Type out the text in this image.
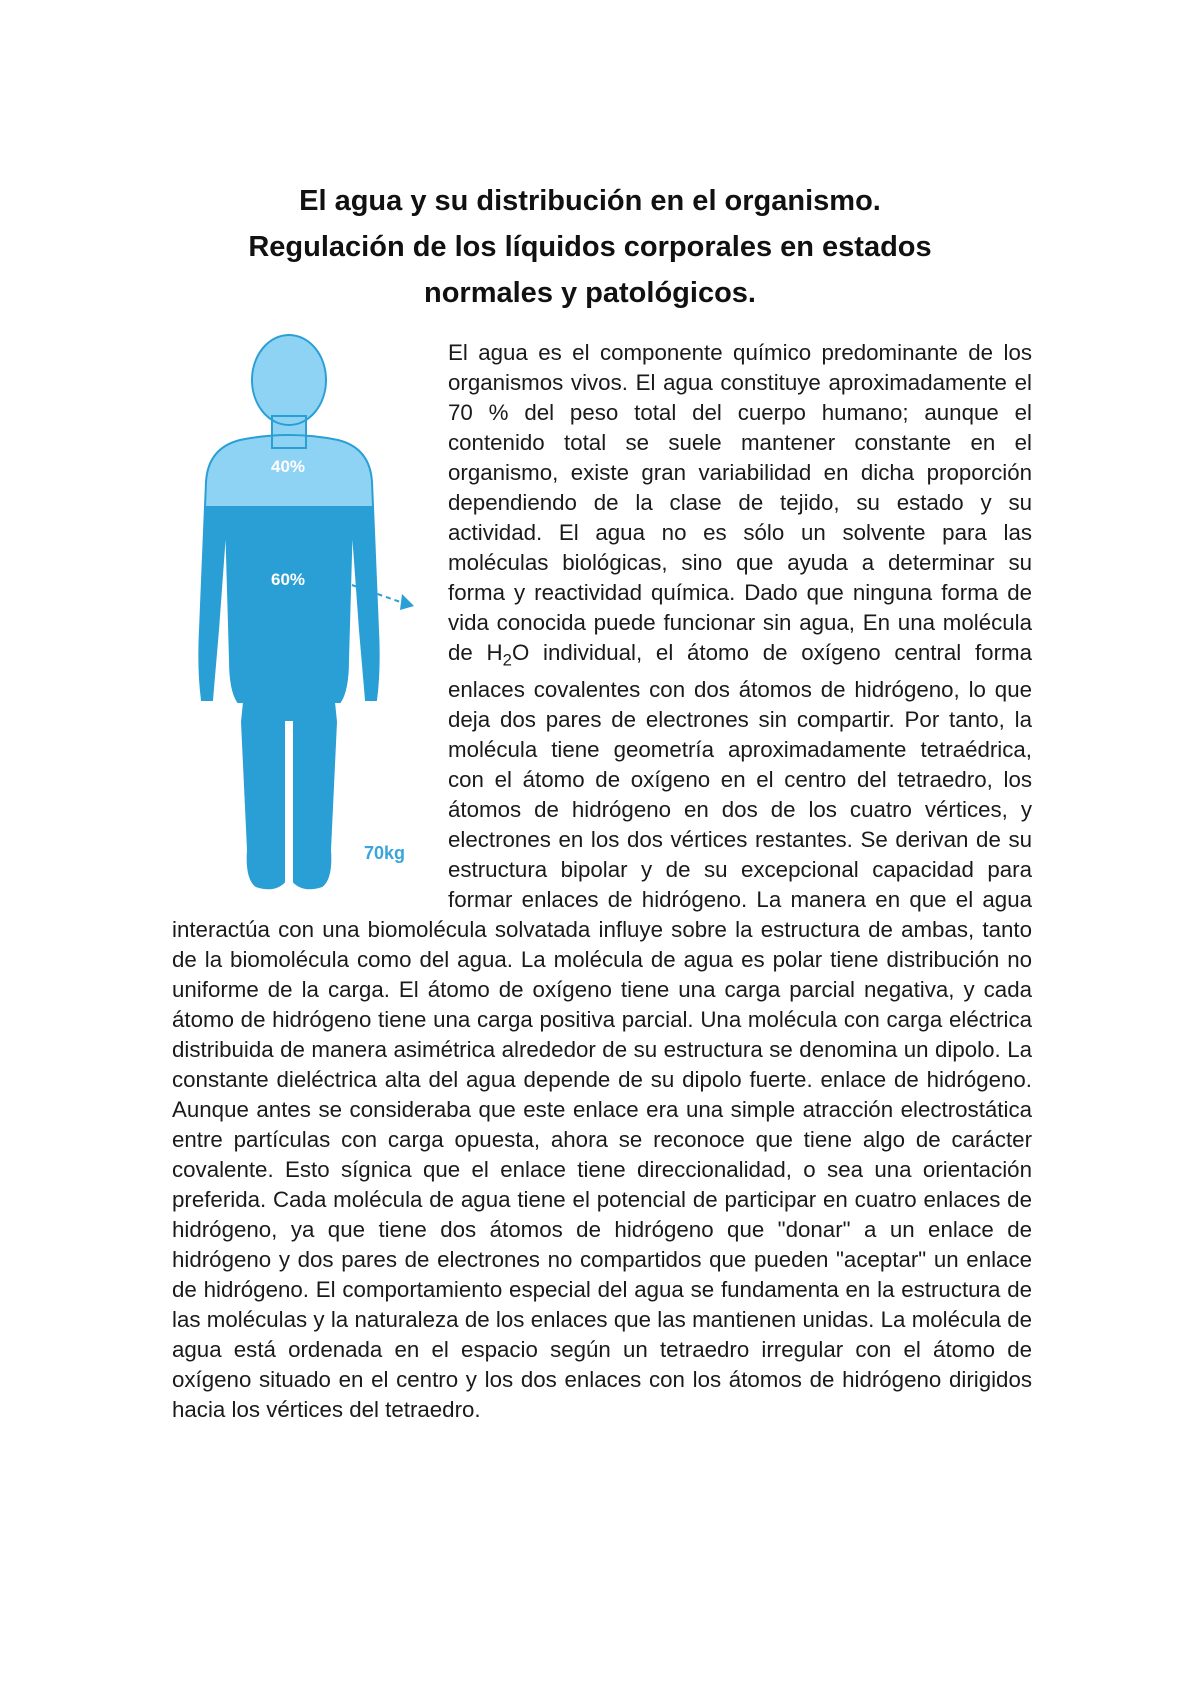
El agua y su distribución en el organismo.
Regulación de los líquidos corporales en estados
normales y patológicos.

40%
60%
70kg
El agua es el componente químico predominante de los organismos vivos. El agua constituye aproximadamente el 70 % del peso total del cuerpo humano; aunque el contenido total se suele mantener constante en el organismo, existe gran variabilidad en dicha proporción dependiendo de la clase de tejido, su estado y su actividad. El agua no es sólo un solvente para las moléculas biológicas, sino que ayuda a determinar su forma y reactividad química. Dado que ninguna forma de vida conocida puede funcionar sin agua, En una molécula de $H_2O$ individual, el átomo de oxígeno central forma enlaces covalentes con dos átomos de hidrógeno, lo que deja dos pares de electrones sin compartir. Por tanto, la molécula tiene geometría aproximadamente tetraédrica, con el átomo de oxígeno en el centro del tetraedro, los átomos de hidrógeno en dos de los cuatro vértices, y electrones en los dos vértices restantes. Se derivan de su estructura bipolar y de su excepcional capacidad para formar enlaces de hidrógeno. La manera en que el agua interactúa con una biomolécula solvatada influye sobre la estructura de ambas, tanto de la biomolécula como del agua. La molécula de agua es polar tiene distribución no uniforme de la carga. El átomo de oxígeno tiene una carga parcial negativa, y cada átomo de hidrógeno tiene una carga positiva parcial. Una molécula con carga eléctrica distribuida de manera asimétrica alrededor de su estructura se denomina un dipolo. La constante dieléctrica alta del agua depende de su dipolo fuerte. enlace de hidrógeno. Aunque antes se consideraba que este enlace era una simple atracción electrostática entre partículas con carga opuesta, ahora se reconoce que tiene algo de carácter covalente. Esto sígnica que el enlace tiene direccionalidad, o sea una orientación preferida. Cada molécula de agua tiene el potencial de participar en cuatro enlaces de hidrógeno, ya que tiene dos átomos de hidrógeno que "donar" a un enlace de hidrógeno y dos pares de electrones no compartidos que pueden "aceptar" un enlace de hidrógeno. El comportamiento especial del agua se fundamenta en la estructura de las moléculas y la naturaleza de los enlaces que las mantienen unidas. La molécula de agua está ordenada en el espacio según un tetraedro irregular con el átomo de oxígeno situado en el centro y los dos enlaces con los átomos de hidrógeno dirigidos hacia los vértices del tetraedro.
